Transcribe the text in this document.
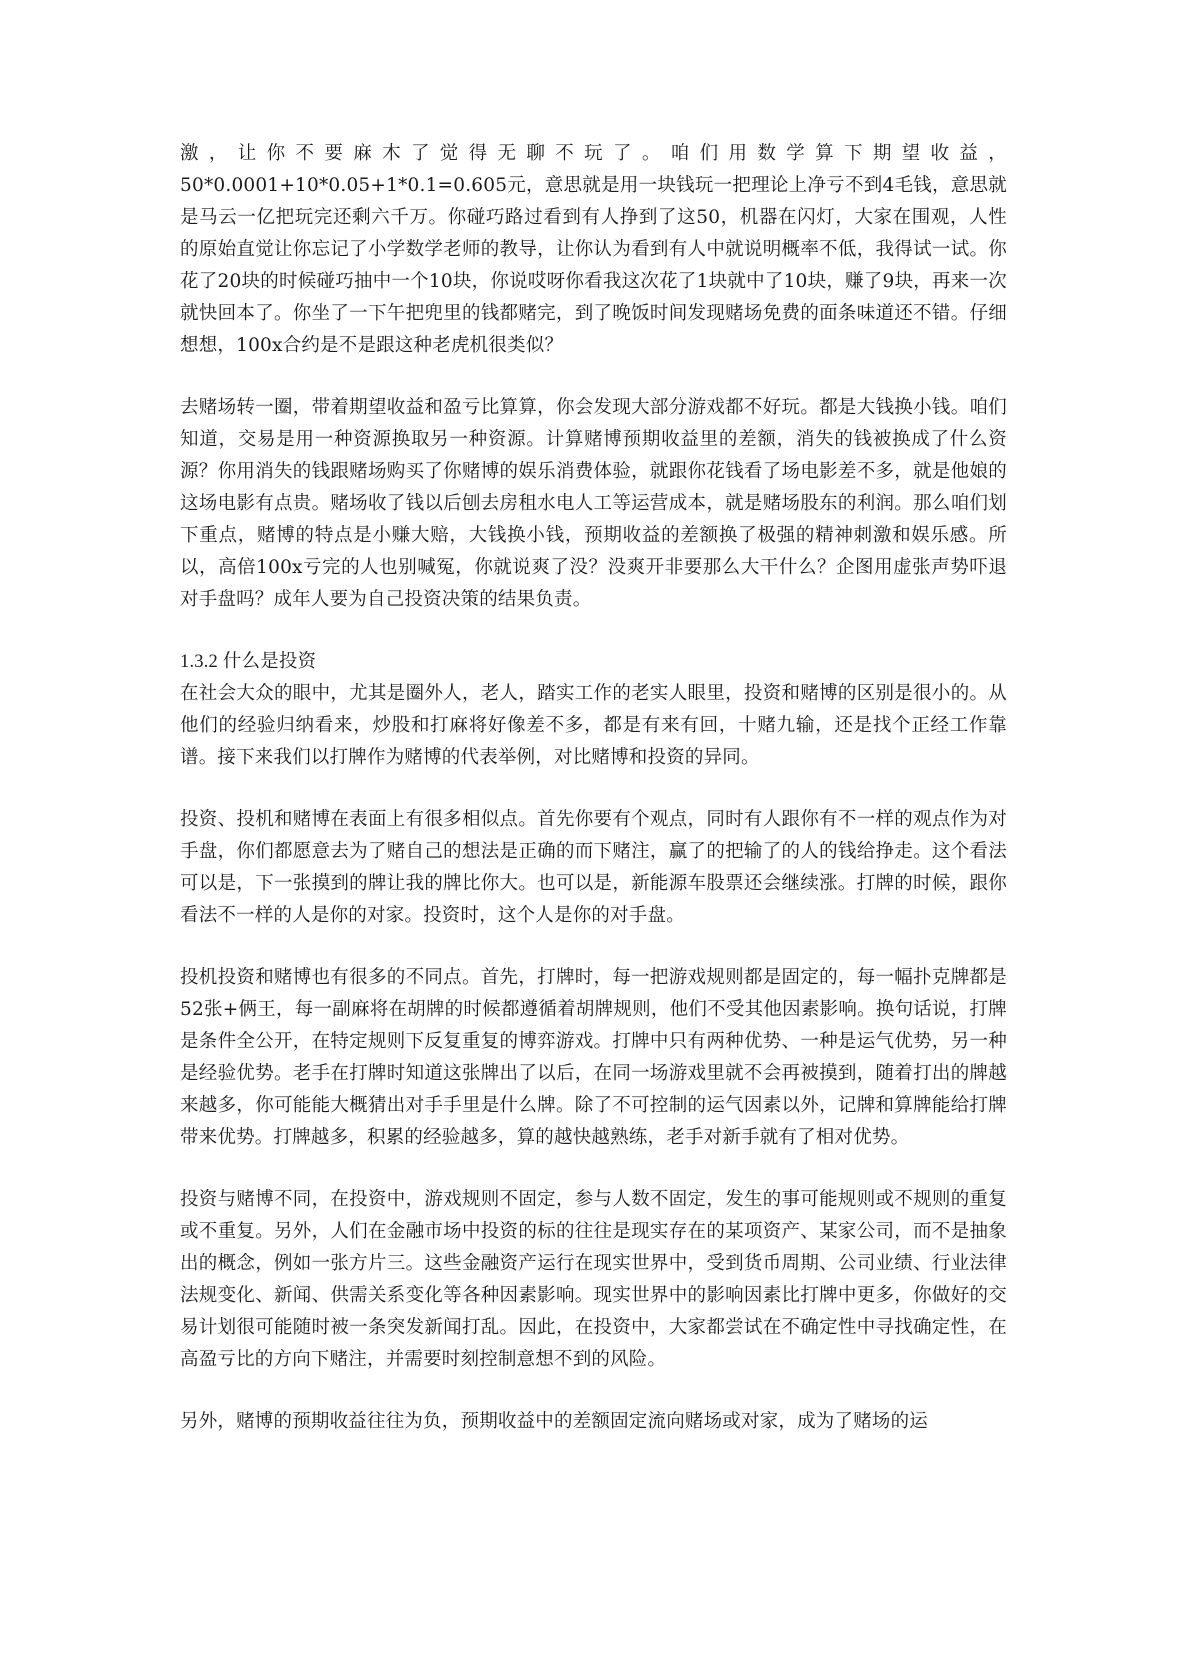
激，让你不要麻木了觉得无聊不玩了。咱们用数学算下期望收益，50*0.0001+10*0.05+1*0.1=0.605元，意思就是用一块钱玩一把理论上净亏不到4毛钱，意思就是马云一亿把玩完还剩六千万。你碰巧路过看到有人挣到了这50，机器在闪灯，大家在围观，人性的原始直觉让你忘记了小学数学老师的教导，让你认为看到有人中就说明概率不低，我得试一试。你花了20块的时候碰巧抽中一个10块，你说哎呀你看我这次花了1块就中了10块，赚了9块，再来一次就快回本了。你坐了一下午把兜里的钱都赌完，到了晚饭时间发现赌场免费的面条味道还不错。仔细想想，100x合约是不是跟这种老虎机很类似？

去赌场转一圈，带着期望收益和盈亏比算算，你会发现大部分游戏都不好玩。都是大钱换小钱。咱们知道，交易是用一种资源换取另一种资源。计算赌博预期收益里的差额，消失的钱被换成了什么资源？你用消失的钱跟赌场购买了你赌博的娱乐消费体验，就跟你花钱看了场电影差不多，就是他娘的这场电影有点贵。赌场收了钱以后刨去房租水电人工等运营成本，就是赌场股东的利润。那么咱们划下重点，赌博的特点是小赚大赔，大钱换小钱，预期收益的差额换了极强的精神刺激和娱乐感。所以，高倍100x亏完的人也别喊冤，你就说爽了没？没爽开非要那么大干什么？企图用虚张声势吓退对手盘吗？成年人要为自己投资决策的结果负责。

1.3.2 什么是投资

在社会大众的眼中，尤其是圈外人，老人，踏实工作的老实人眼里，投资和赌博的区别是很小的。从他们的经验归纳看来，炒股和打麻将好像差不多，都是有来有回，十赌九输，还是找个正经工作靠谱。接下来我们以打牌作为赌博的代表举例，对比赌博和投资的异同。

投资、投机和赌博在表面上有很多相似点。首先你要有个观点，同时有人跟你有不一样的观点作为对手盘，你们都愿意去为了赌自己的想法是正确的而下赌注，赢了的把输了的人的钱给挣走。这个看法可以是，下一张摸到的牌让我的牌比你大。也可以是，新能源车股票还会继续涨。打牌的时候，跟你看法不一样的人是你的对家。投资时，这个人是你的对手盘。

投机投资和赌博也有很多的不同点。首先，打牌时，每一把游戏规则都是固定的，每一幅扑克牌都是52张+俩王，每一副麻将在胡牌的时候都遵循着胡牌规则，他们不受其他因素影响。换句话说，打牌是条件全公开，在特定规则下反复重复的博弈游戏。打牌中只有两种优势、一种是运气优势，另一种是经验优势。老手在打牌时知道这张牌出了以后，在同一场游戏里就不会再被摸到，随着打出的牌越来越多，你可能能大概猜出对手手里是什么牌。除了不可控制的运气因素以外，记牌和算牌能给打牌带来优势。打牌越多，积累的经验越多，算的越快越熟练，老手对新手就有了相对优势。

投资与赌博不同，在投资中，游戏规则不固定，参与人数不固定，发生的事可能规则或不规则的重复或不重复。另外，人们在金融市场中投资的标的往往是现实存在的某项资产、某家公司，而不是抽象出的概念，例如一张方片三。这些金融资产运行在现实世界中，受到货币周期、公司业绩、行业法律法规变化、新闻、供需关系变化等各种因素影响。现实世界中的影响因素比打牌中更多，你做好的交易计划很可能随时被一条突发新闻打乱。因此，在投资中，大家都尝试在不确定性中寻找确定性，在高盈亏比的方向下赌注，并需要时刻控制意想不到的风险。

另外，赌博的预期收益往往为负，预期收益中的差额固定流向赌场或对家，成为了赌场的运
